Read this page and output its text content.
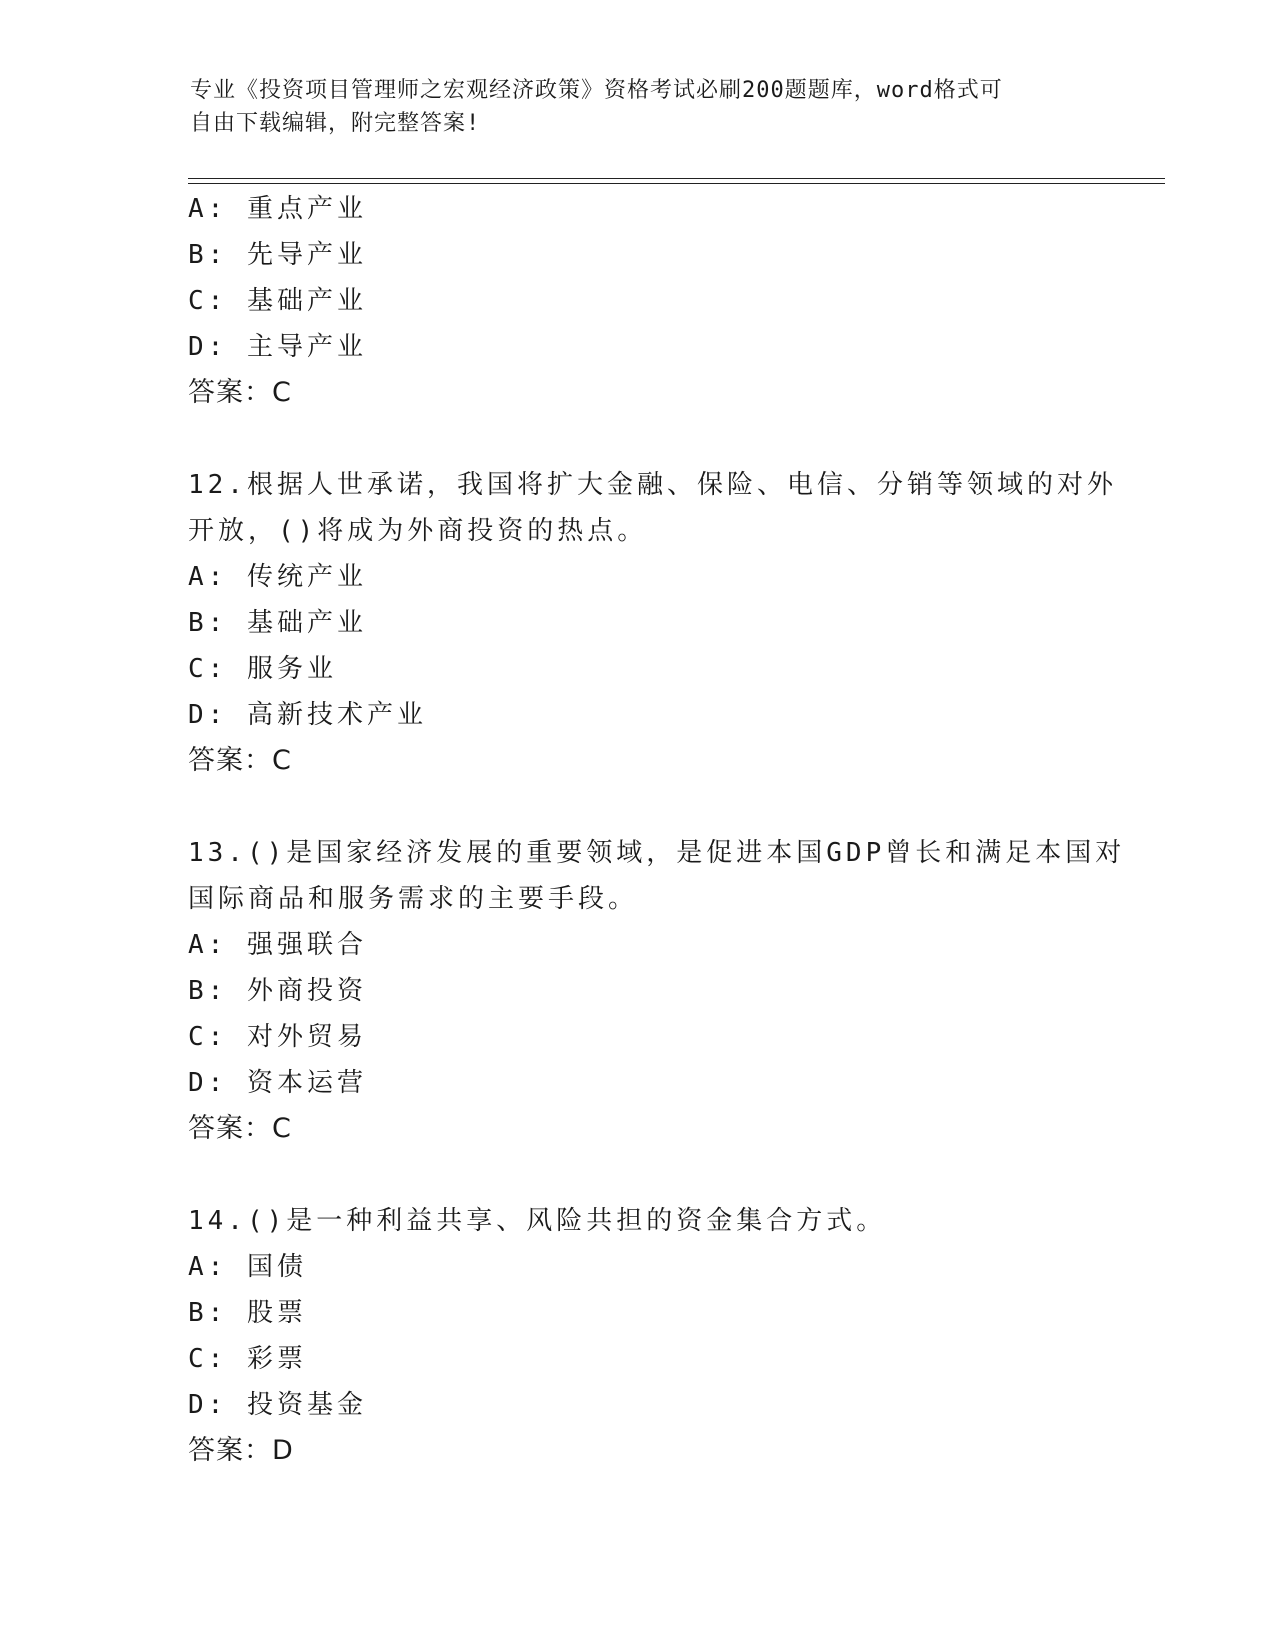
专业《投资项目管理师之宏观经济政策》资格考试必刷200题题库，word格式可
自由下载编辑，附完整答案!
A: 重点产业
B: 先导产业
C: 基础产业
D: 主导产业
答案：C
12.根据人世承诺，我国将扩大金融、保险、电信、分销等领域的对外
开放，()将成为外商投资的热点。
A: 传统产业
B: 基础产业
C: 服务业
D: 高新技术产业
答案：C
13.()是国家经济发展的重要领域，是促进本国GDP曾长和满足本国对
国际商品和服务需求的主要手段。
A: 强强联合
B: 外商投资
C: 对外贸易
D: 资本运营
答案：C
14.()是一种利益共享、风险共担的资金集合方式。
A: 国债
B: 股票
C: 彩票
D: 投资基金
答案：D
